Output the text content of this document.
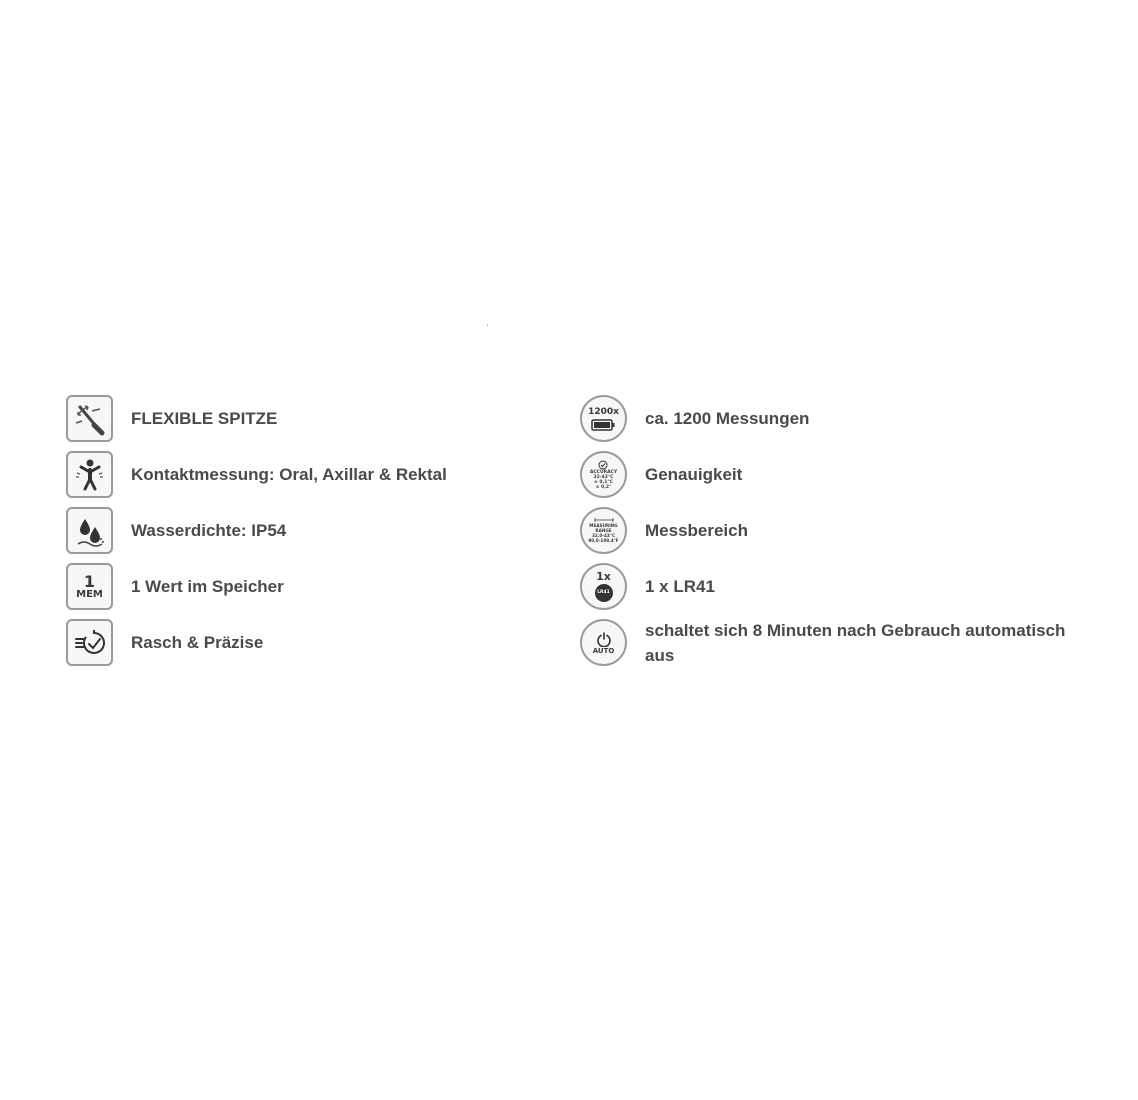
ˌ
FLEXIBLE SPITZE
Kontaktmessung: Oral, Axillar & Rektal
Wasserdichte: IP54
1
MEM 1 Wert im Speicher
Rasch & Präzise
1200x ca. 1200 Messungen
ACCURACY
32-42°C
± 0,1°C
± 0,2°
Genauigkeit
MEASURING
RANGE
32,0-43°C
90,0-109,4°F
Messbereich
1x
LR41 1 x LR41
AUTO
schaltet sich 8 Minuten nach Gebrauch automatisch aus
